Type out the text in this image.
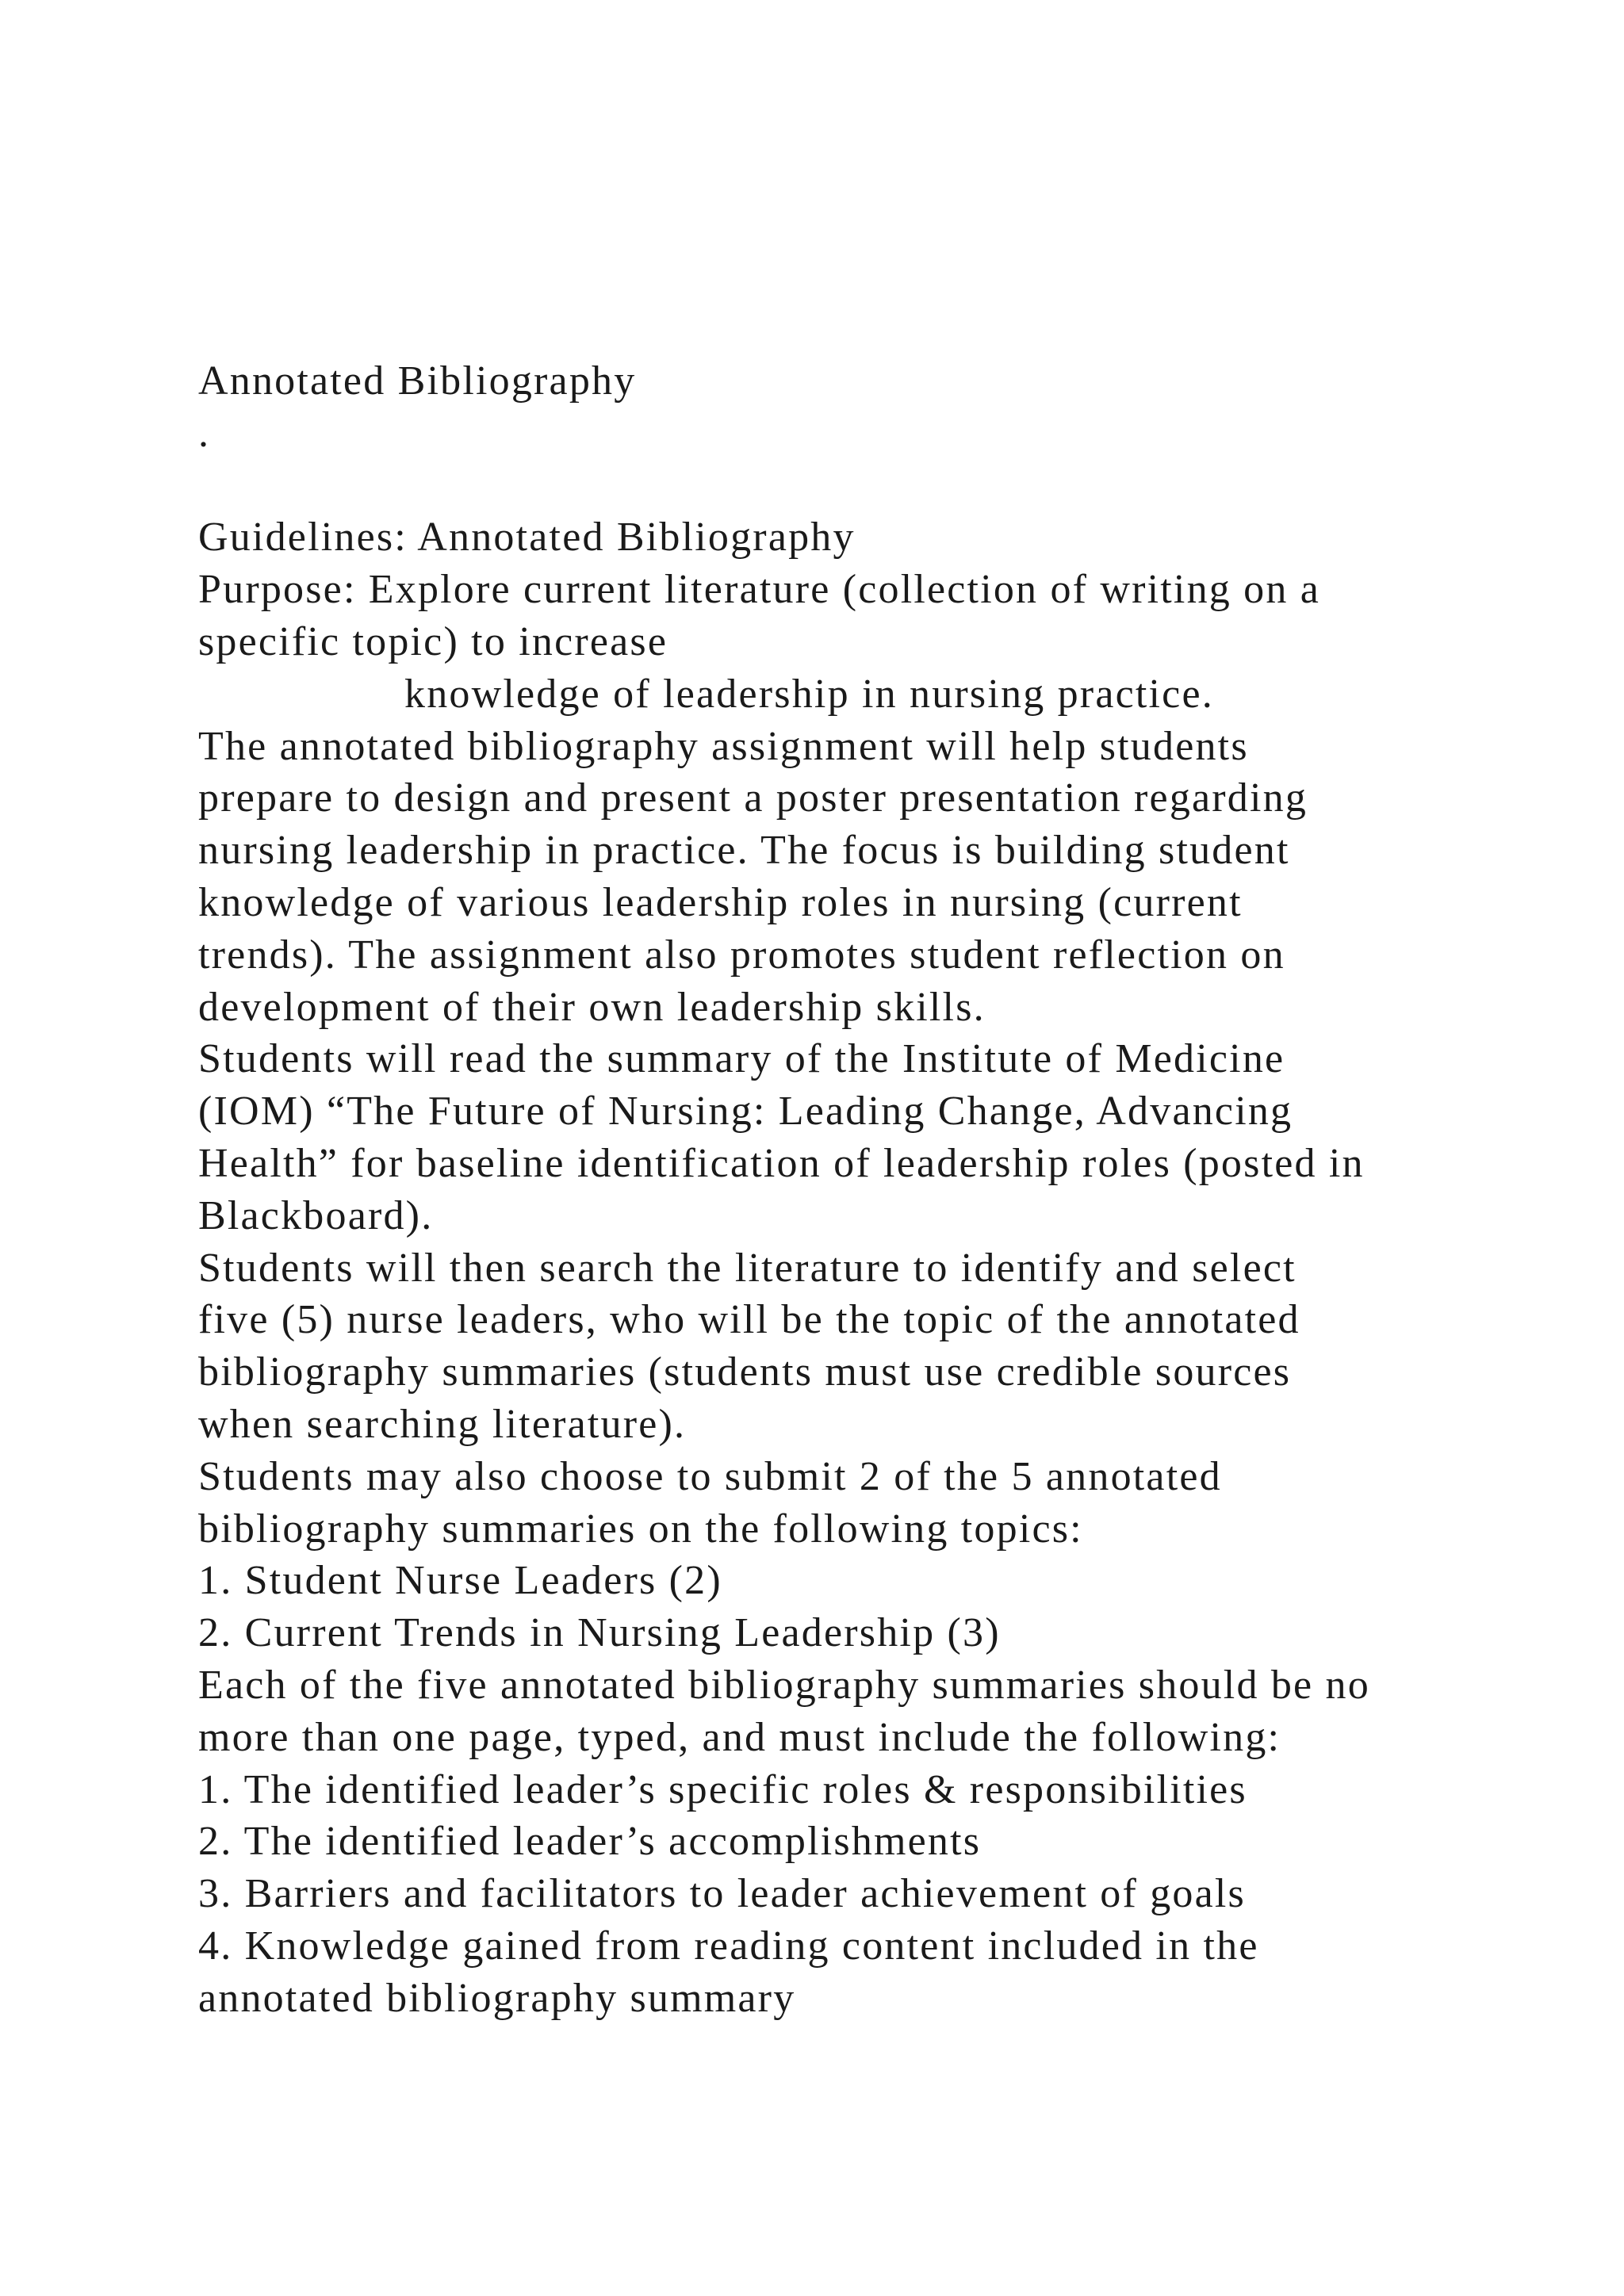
Annotated Bibliography
.
Guidelines: Annotated Bibliography
Purpose: Explore current literature (collection of writing on a
specific topic) to increase
knowledge of leadership in nursing practice.
The annotated bibliography assignment will help students
prepare to design and present a poster presentation regarding
nursing leadership in practice. The focus is building student
knowledge of various leadership roles in nursing (current
trends). The assignment also promotes student reflection on
development of their own leadership skills.
Students will read the summary of the Institute of Medicine
(IOM) “The Future of Nursing: Leading Change, Advancing
Health” for baseline identification of leadership roles (posted in
Blackboard).
Students will then search the literature to identify and select
five (5) nurse leaders, who will be the topic of the annotated
bibliography summaries (students must use credible sources
when searching literature).
Students may also choose to submit 2 of the 5 annotated
bibliography summaries on the following topics:
1. Student Nurse Leaders (2)
2. Current Trends in Nursing Leadership (3)
Each of the five annotated bibliography summaries should be no
more than one page, typed, and must include the following:
1. The identified leader’s specific roles & responsibilities
2. The identified leader’s accomplishments
3. Barriers and facilitators to leader achievement of goals
4. Knowledge gained from reading content included in the
annotated bibliography summary
